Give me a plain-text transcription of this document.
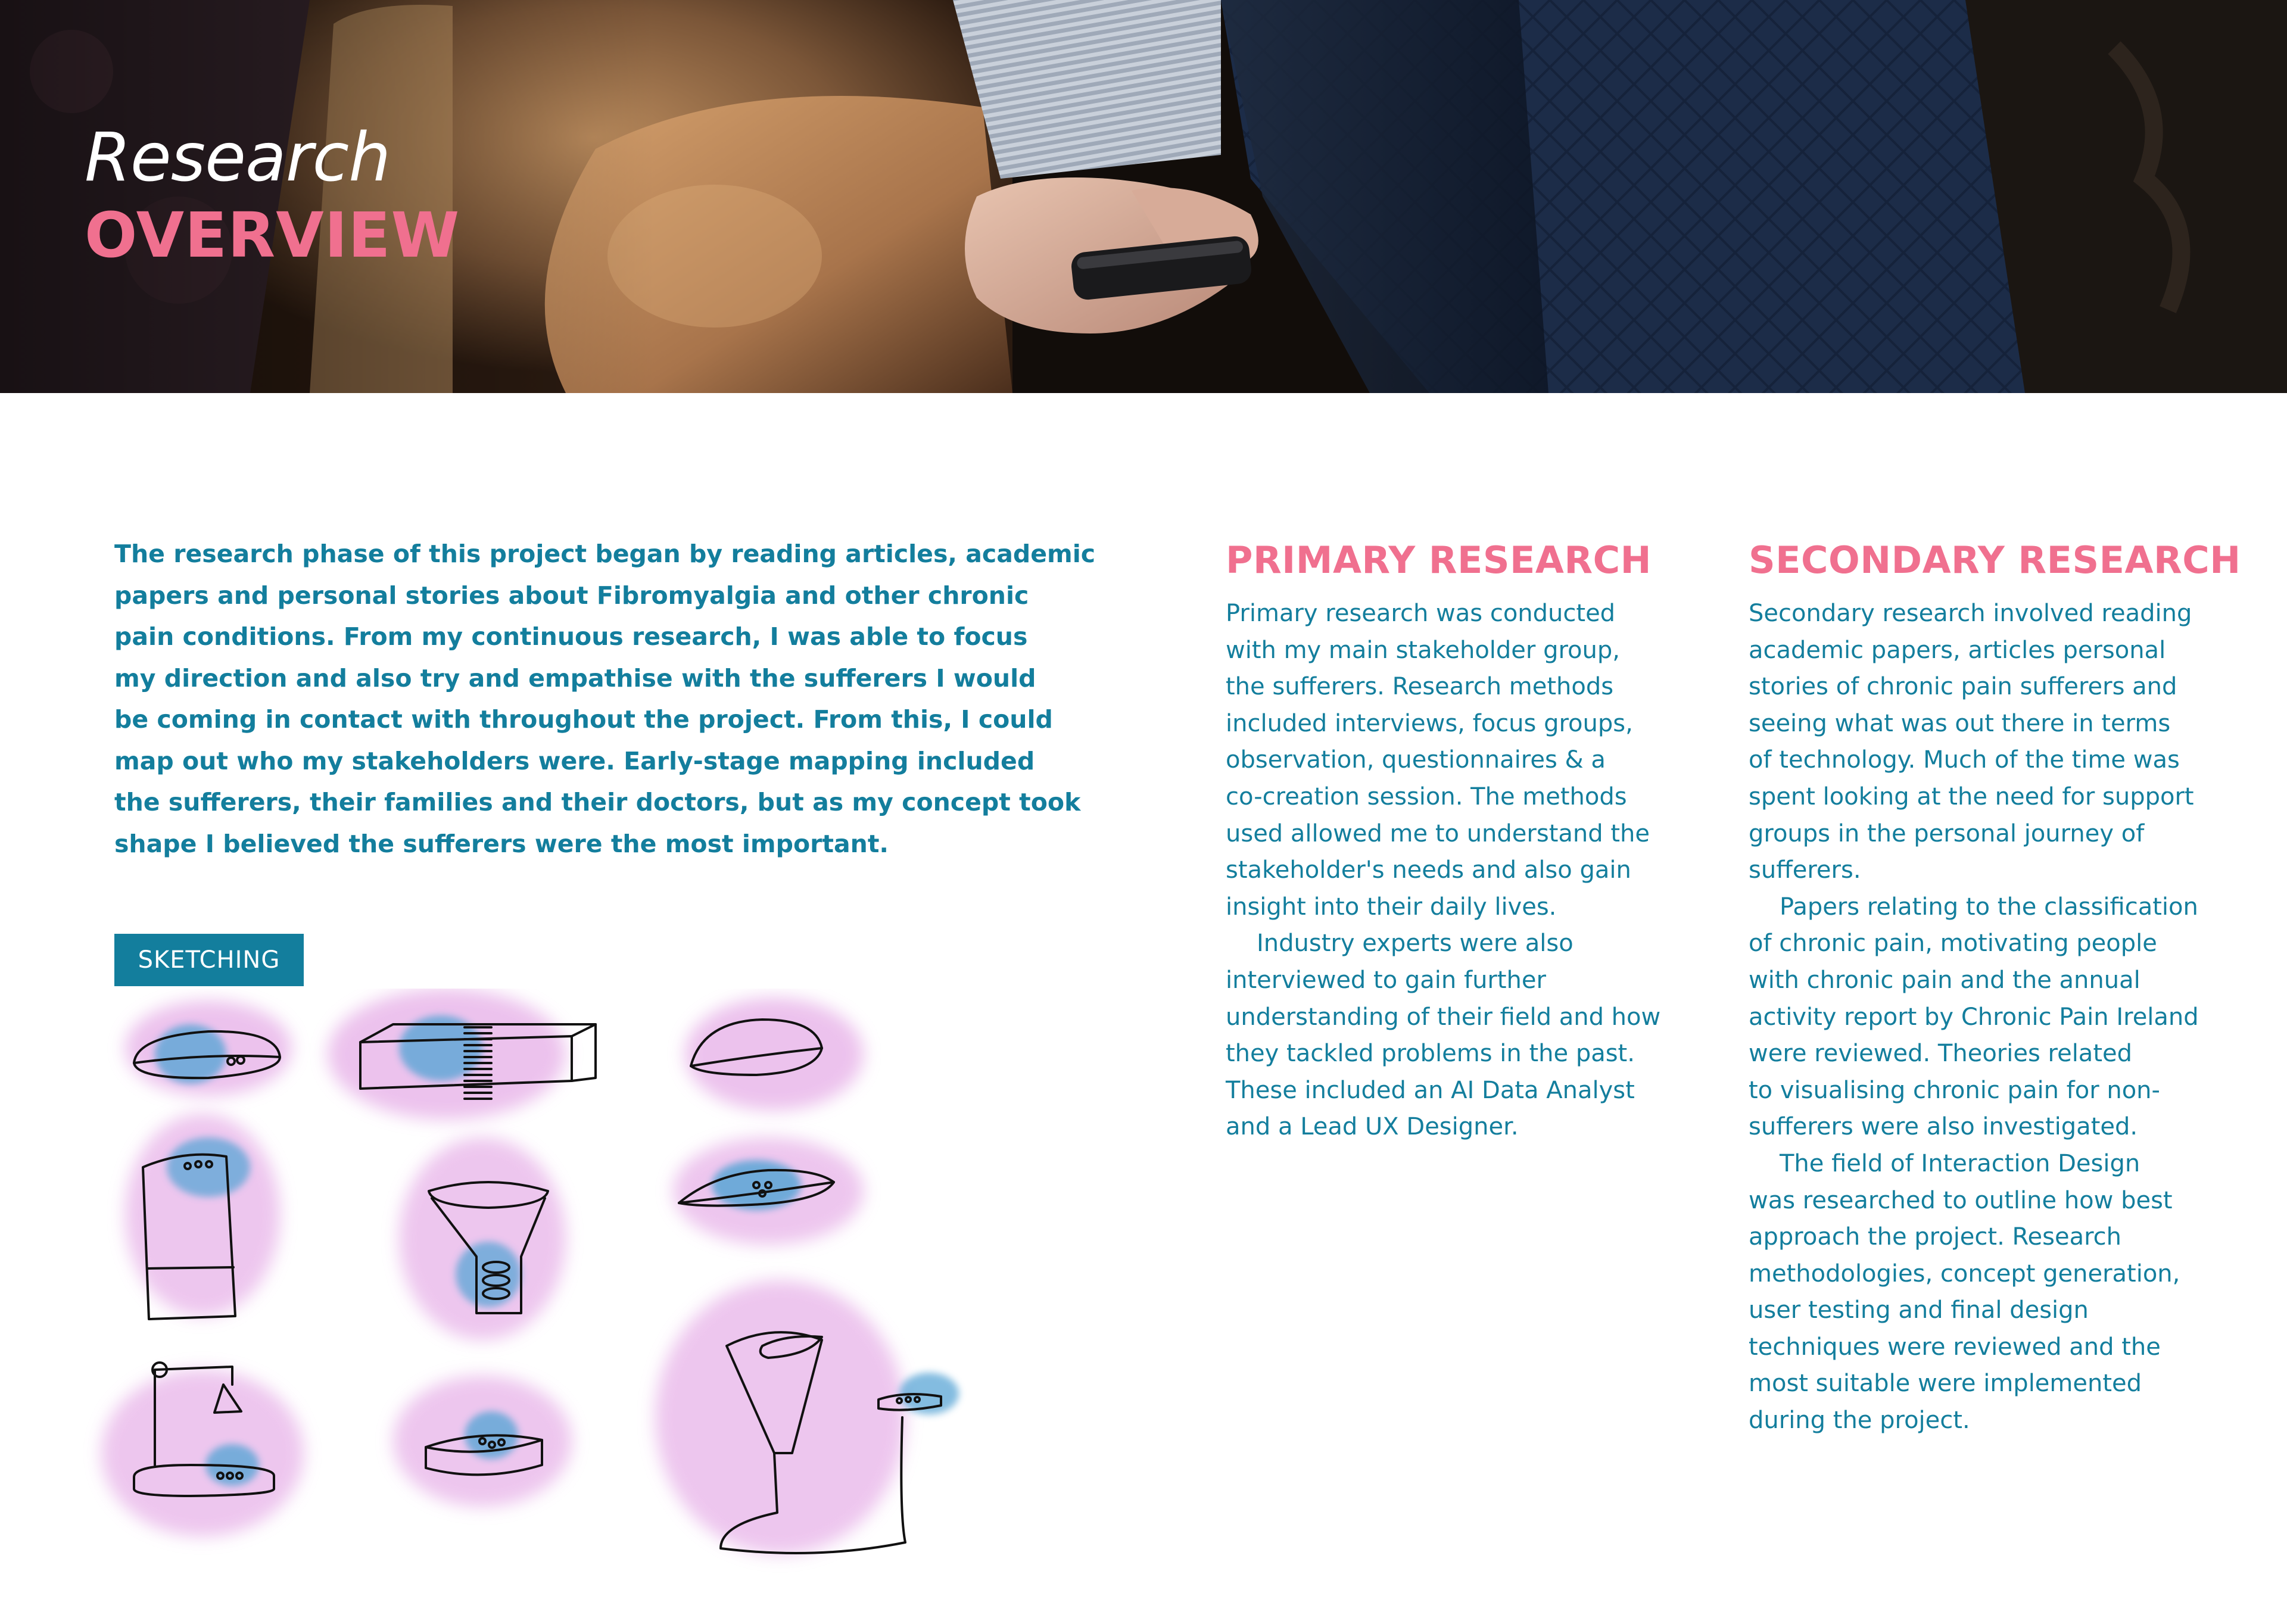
Research
OVERVIEW
The research phase of this project began by reading articles, academic
papers and personal stories about Fibromyalgia and other chronic
pain conditions. From my continuous research, I was able to focus
my direction and also try and empathise with the sufferers I would
be coming in contact with throughout the project. From this, I could
map out who my stakeholders were. Early-stage mapping included
the sufferers, their families and their doctors, but as my concept took
shape I believed the sufferers were the most important.
SKETCHING
PRIMARY RESEARCH
Primary research was conducted
with my main stakeholder group,
the sufferers. Research methods
included interviews, focus groups,
observation, questionnaires & a
co-creation session. The methods
used allowed me to understand the
stakeholder's needs and also gain
insight into their daily lives.
Industry experts were also
interviewed to gain further
understanding of their field and how
they tackled problems in the past.
These included an AI Data Analyst
and a Lead UX Designer.
SECONDARY RESEARCH
Secondary research involved reading
academic papers, articles personal
stories of chronic pain sufferers and
seeing what was out there in terms
of technology. Much of the time was
spent looking at the need for support
groups in the personal journey of
sufferers.
Papers relating to the classification
of chronic pain, motivating people
with chronic pain and the annual
activity report by Chronic Pain Ireland
were reviewed. Theories related
to visualising chronic pain for non-
sufferers were also investigated.
The field of Interaction Design
was researched to outline how best
approach the project. Research
methodologies, concept generation,
user testing and final design
techniques were reviewed and the
most suitable were implemented
during the project.
